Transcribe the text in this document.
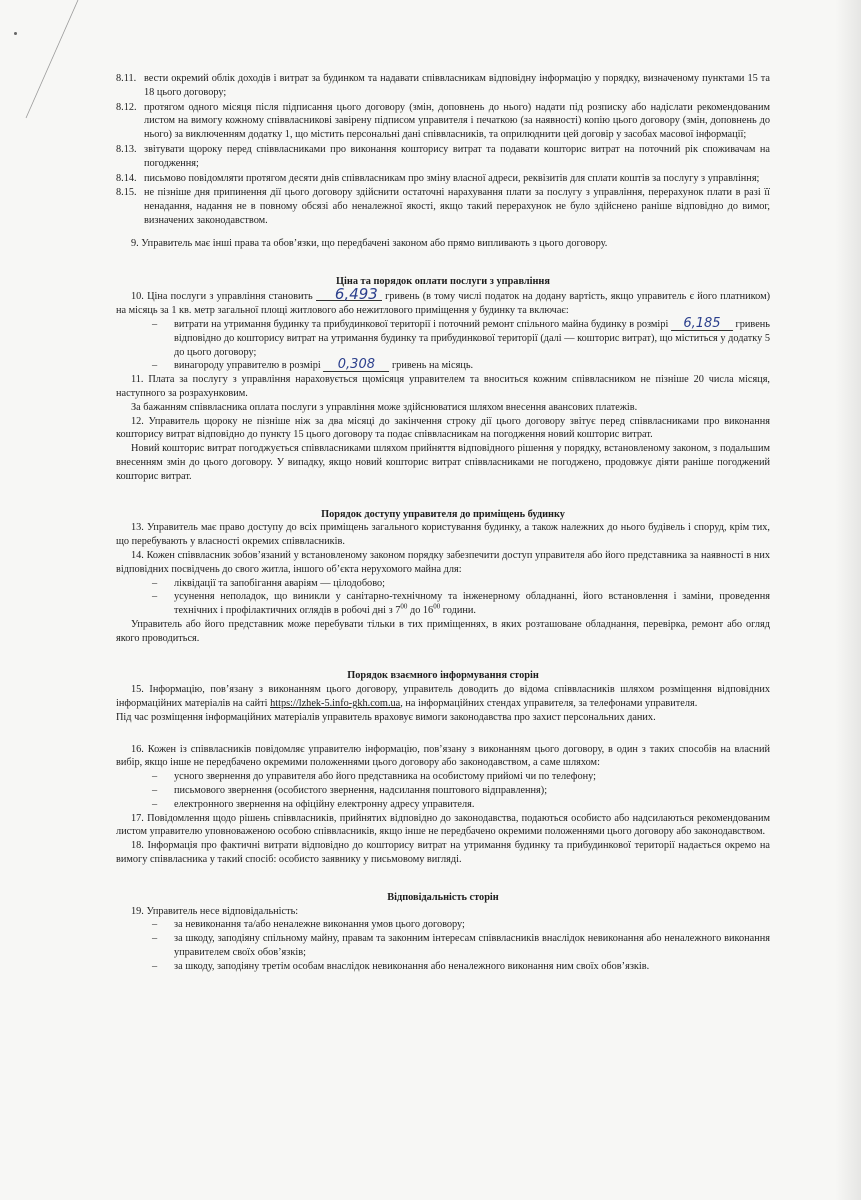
8.11. вести окремий облік доходів і витрат за будинком та надавати співвласникам відповідну інформацію у порядку, визначеному пунктами 15 та 18 цього договору;
8.12. протягом одного місяця після підписання цього договору (змін, доповнень до нього) надати під розписку або надіслати рекомендованим листом на вимогу кожному співвласникові завірену підписом управителя і печаткою (за наявності) копію цього договору (змін, доповнень до нього) за виключенням додатку 1, що містить персональні дані співвласників, та оприлюднити цей договір у засобах масової інформації;
8.13. звітувати щороку перед співвласниками про виконання кошторису витрат та подавати кошторис витрат на поточний рік споживачам на погодження;
8.14. письмово повідомляти протягом десяти днів співвласникам про зміну власної адреси, реквізитів для сплати коштів за послугу з управління;
8.15. не пізніше дня припинення дії цього договору здійснити остаточні нарахування плати за послугу з управління, перерахунок плати в разі її ненадання, надання не в повному обсязі або неналежної якості, якщо такий перерахунок не було здійснено раніше відповідно до вимог, визначених законодавством.

9. Управитель має інші права та обов’язки, що передбачені законом або прямо випливають з цього договору.

Ціна та порядок оплати послуги з управління

10. Ціна послуги з управління становить 6,493 гривень (в тому числі податок на додану вартість, якщо управитель є його платником) на місяць за 1 кв. метр загальної площі житлового або нежитлового приміщення у будинку та включає:

–	витрати на утримання будинку та прибудинкової території і поточний ремонт спільного майна будинку в розмірі 6,185 гривень відповідно до кошторису витрат на утримання будинку та прибудинкової території (далі — кошторис витрат), що міститься у додатку 5 до цього договору;
–	винагороду управителю в розмірі 0,308 гривень на місяць.

11. Плата за послугу з управління нараховується щомісяця управителем та вноситься кожним співвласником не пізніше 20 числа місяця, наступного за розрахунковим.

За бажанням співвласника оплата послуги з управління може здійснюватися шляхом внесення авансових платежів.

12. Управитель щороку не пізніше ніж за два місяці до закінчення строку дії цього договору звітує перед співвласниками про виконання кошторису витрат відповідно до пункту 15 цього договору та подає співвласникам на погодження новий кошторис витрат.

Новий кошторис витрат погоджується співвласниками шляхом прийняття відповідного рішення у порядку, встановленому законом, з подальшим внесенням змін до цього договору. У випадку, якщо новий кошторис витрат співвласниками не погоджено, продовжує діяти раніше погоджений кошторис витрат.

Порядок доступу управителя до приміщень будинку

13. Управитель має право доступу до всіх приміщень загального користування будинку, а також належних до нього будівель і споруд, крім тих, що перебувають у власності окремих співвласників.

14. Кожен співвласник зобов’язаний у встановленому законом порядку забезпечити доступ управителя або його представника за наявності в них відповідних посвідчень до свого житла, іншого об’єкта нерухомого майна для:

–	ліквідації та запобігання аваріям — цілодобово;
–	усунення неполадок, що виникли у санітарно-технічному та інженерному обладнанні, його встановлення і заміни, проведення технічних і профілактичних оглядів в робочі дні з $7^{00}$ до $16^{00}$ години.

Управитель або його представник може перебувати тільки в тих приміщеннях, в яких розташоване обладнання, перевірка, ремонт або огляд якого проводиться.

Порядок взаємного інформування сторін

15. Інформацію, пов’язану з виконанням цього договору, управитель доводить до відома співвласників шляхом розміщення відповідних інформаційних матеріалів на сайті https://lzhek-5.info-gkh.com.ua, на інформаційних стендах управителя, за телефонами управителя.

Під час розміщення інформаційних матеріалів управитель враховує вимоги законодавства про захист персональних даних.

16. Кожен із співвласників повідомляє управителю інформацію, пов’язану з виконанням цього договору, в один з таких способів на власний вибір, якщо інше не передбачено окремими положеннями цього договору або законодавством, а саме шляхом:

–	усного звернення до управителя або його представника на особистому прийомі чи по телефону;
–	письмового звернення (особистого звернення, надсилання поштового відправлення);
–	електронного звернення на офіційну електронну адресу управителя.

17. Повідомлення щодо рішень співвласників, прийнятих відповідно до законодавства, подаються особисто або надсилаються рекомендованим листом управителю уповноваженою особою співвласників, якщо інше не передбачено окремими положеннями цього договору або законодавством.

18. Інформація про фактичні витрати відповідно до кошторису витрат на утримання будинку та прибудинкової території надається окремо на вимогу співвласника у такий спосіб: особисто заявнику у письмовому вигляді.

Відповідальність сторін

19. Управитель несе відповідальність:

–	за невиконання та/або неналежне виконання умов цього договору;
–	за шкоду, заподіяну спільному майну, правам та законним інтересам співвласників внаслідок невиконання або неналежного виконання управителем своїх обов’язків;
–	за шкоду, заподіяну третім особам внаслідок невиконання або неналежного виконання ним своїх обов’язків.
